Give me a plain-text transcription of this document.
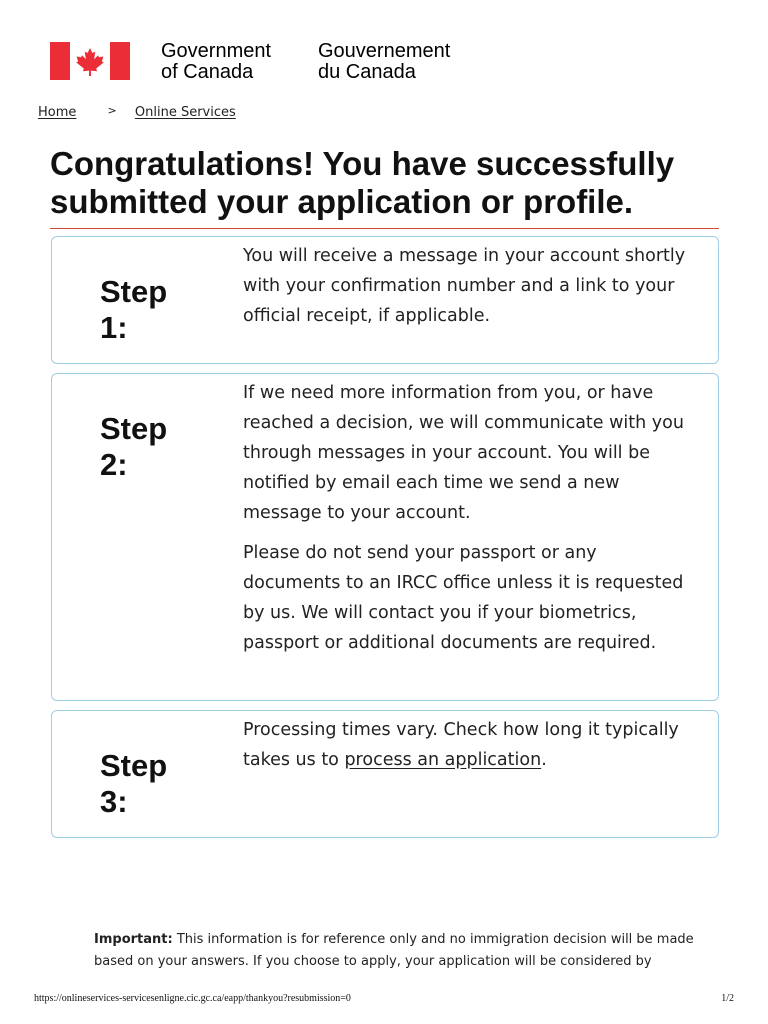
Government
of Canada
Gouvernement
du Canada
Home	> Online Services
Congratulations! You have successfully submitted your application or profile.
Step
1:

You will receive a message in your account shortly with your confirmation number and a link to your official receipt, if applicable.

Step
2:

If we need more information from you, or have reached a decision, we will communicate with you through messages in your account. You will be notified by email each time we send a new message to your account.

Please do not send your passport or any documents to an IRCC office unless it is requested by us. We will contact you if your biometrics, passport or additional documents are required.

Step
3:

Processing times vary. Check how long it typically takes us to process an application.

Important: This information is for reference only and no immigration decision will be made based on your answers. If you choose to apply, your application will be considered by

https://onlineservices-servicesenligne.cic.gc.ca/eapp/thankyou?resubmission=0	1/2
